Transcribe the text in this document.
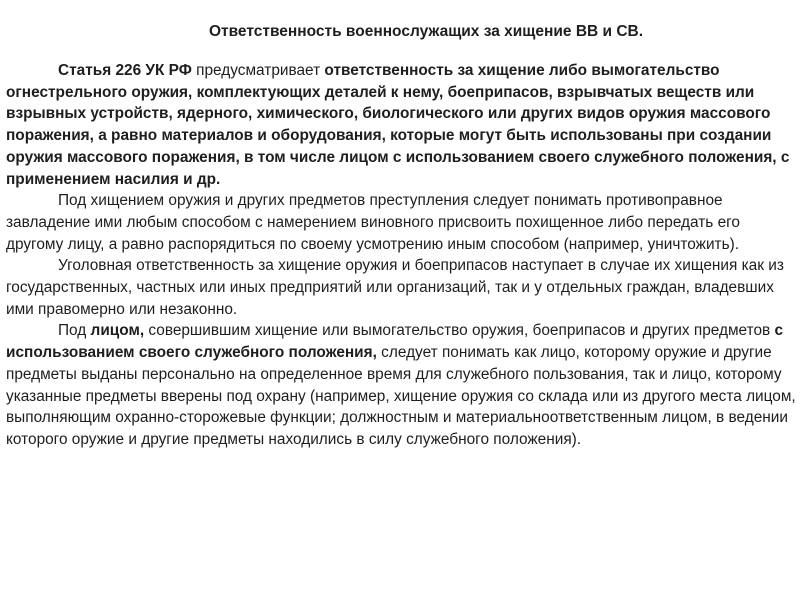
Ответственность военнослужащих за хищение ВВ и СВ.

Статья 226 УК РФ предусматривает ответственность за хищение либо вымогательство огнестрельного оружия, комплектующих деталей к нему, боеприпасов, взрывчатых веществ или взрывных устройств, ядерного, химического, биологического или других видов оружия массового поражения, а равно материалов и оборудования, которые могут быть использованы при создании оружия массового поражения, в том числе лицом с использованием своего служебного положения, с применением насилия и др.

Под хищением оружия и других предметов преступления следует понимать противоправное завладение ими любым способом с намерением виновного присвоить похищенное либо передать его другому лицу, а равно распорядиться по своему усмотрению иным способом (например, уничтожить).

Уголовная ответственность за хищение оружия и боеприпасов наступает в случае их хищения как из государственных, частных или иных предприятий или организаций, так и у отдельных граждан, владевших ими правомерно или незаконно.

Под лицом, совершившим хищение или вымогательство оружия, боеприпасов и других предметов с использованием своего служебного положения, следует понимать как лицо, которому оружие и другие предметы выданы персонально на определенное время для служебного пользования, так и лицо, которому указанные предметы вверены под охрану (например, хищение оружия со склада или из другого места лицом, выполняющим охранно-сторожевые функции; должностным и материальноответственным лицом, в ведении которого оружие и другие предметы находились в силу служебного положения).
